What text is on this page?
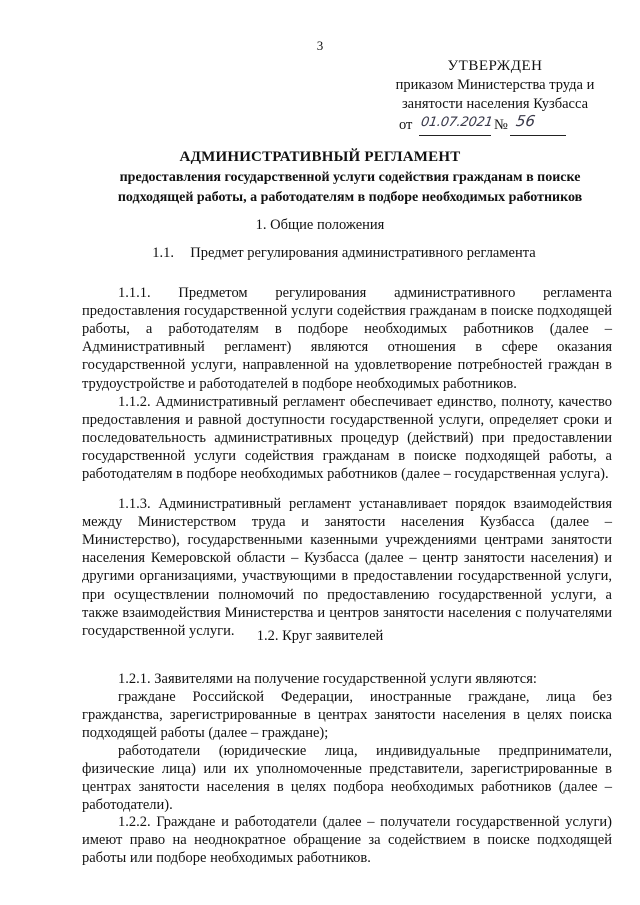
3
УТВЕРЖДЕН
приказом Министерства труда и
занятости населения Кузбасса
от 01.07.2021 № 56
АДМИНИСТРАТИВНЫЙ РЕГЛАМЕНТ
предоставления государственной услуги содействия гражданам в поиске подходящей работы, а работодателям в подборе необходимых работников
1. Общие положения
1.1. Предмет регулирования административного регламента

1.1.1. Предметом регулирования административного регламента предоставления государственной услуги содействия гражданам в поиске подходящей работы, а работодателям в подборе необходимых работников (далее – Административный регламент) являются отношения в сфере оказания государственной услуги, направленной на удовлетворение потребностей граждан в трудоустройстве и работодателей в подборе необходимых работников.

1.1.2. Административный регламент обеспечивает единство, полноту, качество предоставления и равной доступности государственной услуги, определяет сроки и последовательность административных процедур (действий) при предоставлении государственной услуги содействия гражданам в поиске подходящей работы, а работодателям в подборе необходимых работников (далее – государственная услуга).

1.1.3. Административный регламент устанавливает порядок взаимодействия между Министерством труда и занятости населения Кузбасса (далее – Министерство), государственными казенными учреждениями центрами занятости населения Кемеровской области – Кузбасса (далее – центр занятости населения) и другими организациями, участвующими в предоставлении государственной услуги, при осуществлении полномочий по предоставлению государственной услуги, а также взаимодействия Министерства и центров занятости населения с получателями государственной услуги.	1.2. Круг заявителей

1.2.1. Заявителями на получение государственной услуги являются:

граждане Российской Федерации, иностранные граждане, лица без гражданства, зарегистрированные в центрах занятости населения в целях поиска подходящей работы (далее – граждане);

работодатели (юридические лица, индивидуальные предприниматели, физические лица) или их уполномоченные представители, зарегистрированные в центрах занятости населения в целях подбора необходимых работников (далее – работодатели).

1.2.2. Граждане и работодатели (далее – получатели государственной услуги) имеют право на неоднократное обращение за содействием в поиске подходящей работы или подборе необходимых работников.
